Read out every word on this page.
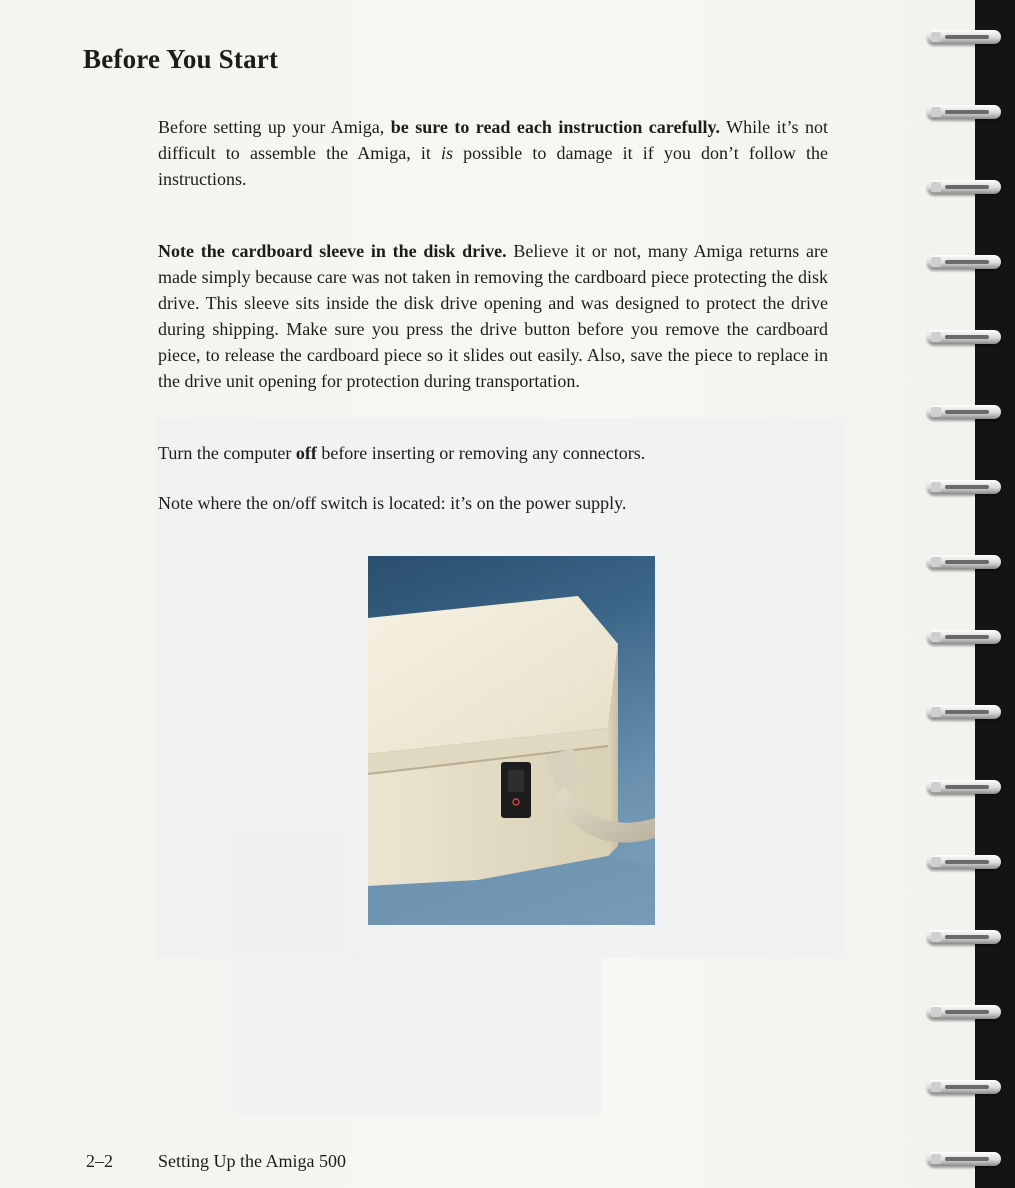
Before You Start

Before setting up your Amiga, be sure to read each instruction carefully. While it’s not difficult to assemble the Amiga, it is possible to damage it if you don’t follow the instructions.

Note the cardboard sleeve in the disk drive. Believe it or not, many Amiga returns are made simply because care was not taken in removing the cardboard piece protecting the disk drive. This sleeve sits inside the disk drive opening and was designed to protect the drive during shipping. Make sure you press the drive button before you remove the cardboard piece, to release the cardboard piece so it slides out easily. Also, save the piece to replace in the drive unit opening for protection during transportation.

Turn the computer off before inserting or removing any connectors.

Note where the on/off switch is located: it’s on the power supply.

2–2	Setting Up the Amiga 500
